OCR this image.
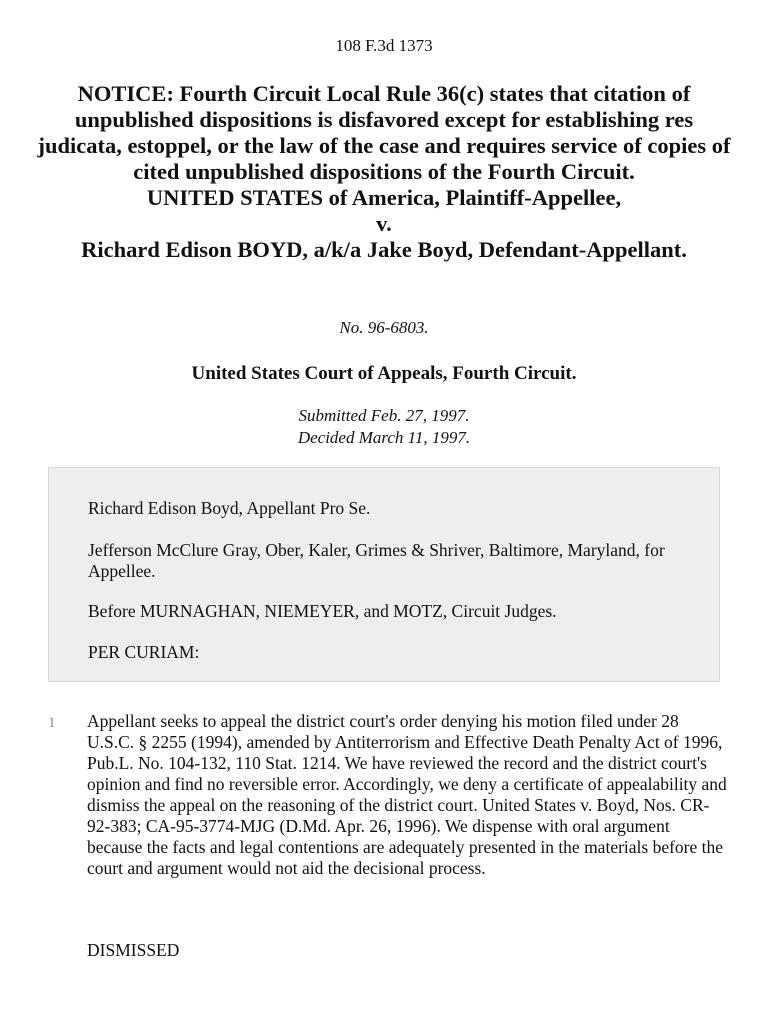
108 F.3d 1373
NOTICE: Fourth Circuit Local Rule 36(c) states that citation of unpublished dispositions is disfavored except for establishing res judicata, estoppel, or the law of the case and requires service of copies of cited unpublished dispositions of the Fourth Circuit.
UNITED STATES of America, Plaintiff-Appellee,
v.
Richard Edison BOYD, a/k/a Jake Boyd, Defendant-Appellant.
No. 96-6803.
United States Court of Appeals, Fourth Circuit.
Submitted Feb. 27, 1997.
Decided March 11, 1997.

Richard Edison Boyd, Appellant Pro Se.

Jefferson McClure Gray, Ober, Kaler, Grimes & Shriver, Baltimore, Maryland, for Appellee.

Before MURNAGHAN, NIEMEYER, and MOTZ, Circuit Judges.

PER CURIAM:

1 Appellant seeks to appeal the district court's order denying his motion filed under 28 U.S.C. § 2255 (1994), amended by Antiterrorism and Effective Death Penalty Act of 1996, Pub.L. No. 104-132, 110 Stat. 1214. We have reviewed the record and the district court's opinion and find no reversible error. Accordingly, we deny a certificate of appealability and dismiss the appeal on the reasoning of the district court. United States v. Boyd, Nos. CR-92-383; CA-95-3774-MJG (D.Md. Apr. 26, 1996). We dispense with oral argument because the facts and legal contentions are adequately presented in the materials before the court and argument would not aid the decisional process.

DISMISSED
